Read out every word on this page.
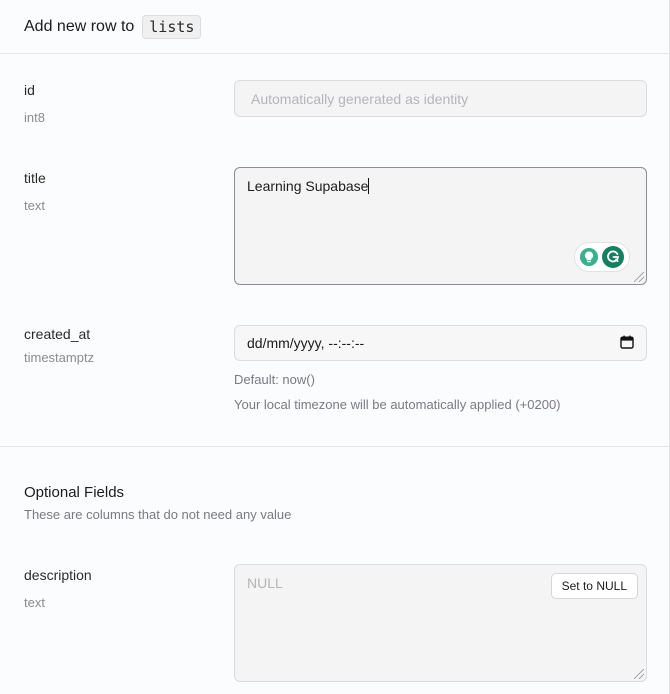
Add new row to	lists
id
int8
Automatically generated as identity
title
text
Learning Supabase
created_at
timestamptz
dd/mm/yyyy, --:--:--
Default: now()
Your local timezone will be automatically applied (+0200)
Optional Fields
These are columns that do not need any value
description
text
NULL	Set to NULL
